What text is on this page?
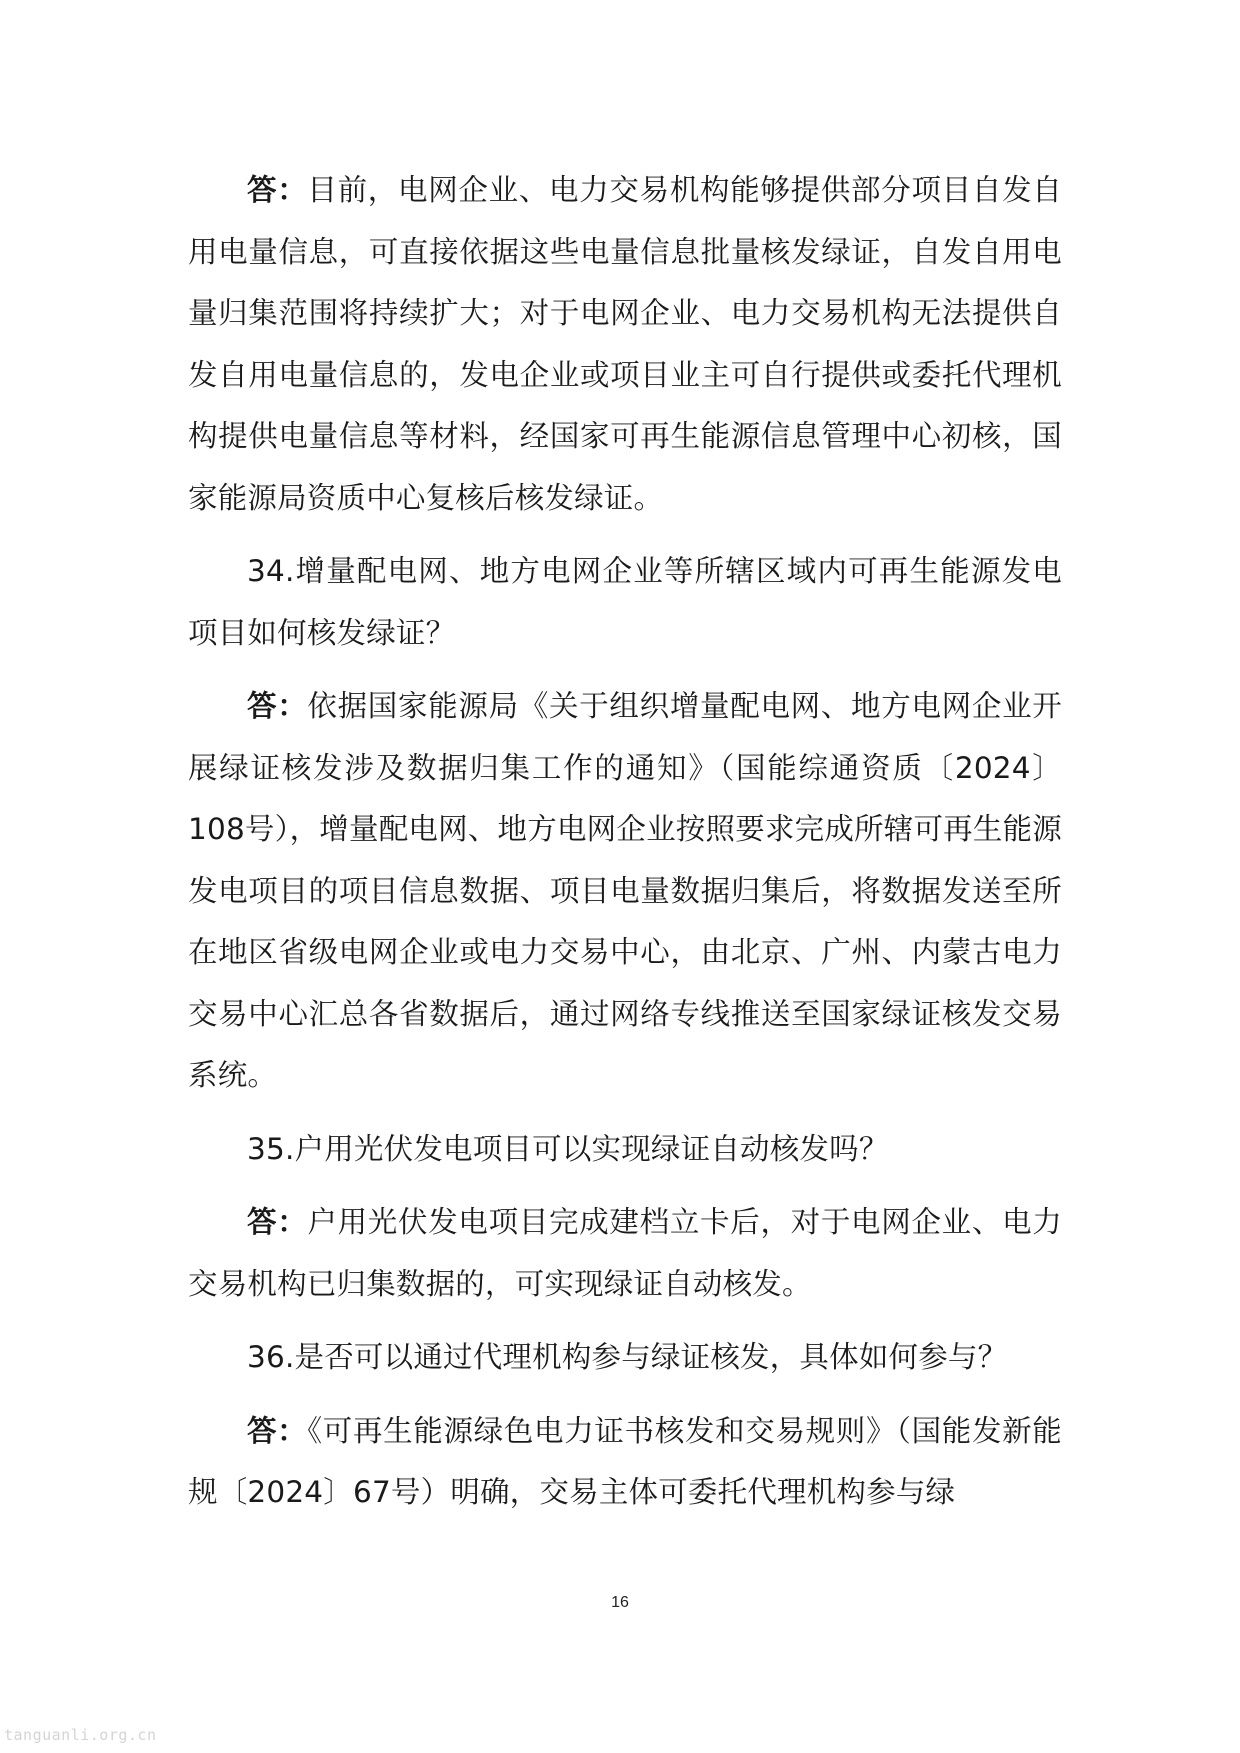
答：目前，电网企业、电力交易机构能够提供部分项目自发自用电量信息，可直接依据这些电量信息批量核发绿证，自发自用电量归集范围将持续扩大；对于电网企业、电力交易机构无法提供自发自用电量信息的，发电企业或项目业主可自行提供或委托代理机构提供电量信息等材料，经国家可再生能源信息管理中心初核，国家能源局资质中心复核后核发绿证。

34.增量配电网、地方电网企业等所辖区域内可再生能源发电项目如何核发绿证？

答：依据国家能源局《关于组织增量配电网、地方电网企业开展绿证核发涉及数据归集工作的通知》（国能综通资质〔2024〕108号），增量配电网、地方电网企业按照要求完成所辖可再生能源发电项目的项目信息数据、项目电量数据归集后，将数据发送至所在地区省级电网企业或电力交易中心，由北京、广州、内蒙古电力交易中心汇总各省数据后，通过网络专线推送至国家绿证核发交易系统。

35.户用光伏发电项目可以实现绿证自动核发吗？

答：户用光伏发电项目完成建档立卡后，对于电网企业、电力交易机构已归集数据的，可实现绿证自动核发。

36.是否可以通过代理机构参与绿证核发，具体如何参与？

答：《可再生能源绿色电力证书核发和交易规则》（国能发新能规〔2024〕67号）明确，交易主体可委托代理机构参与绿

16
tanguanli.org.cn
